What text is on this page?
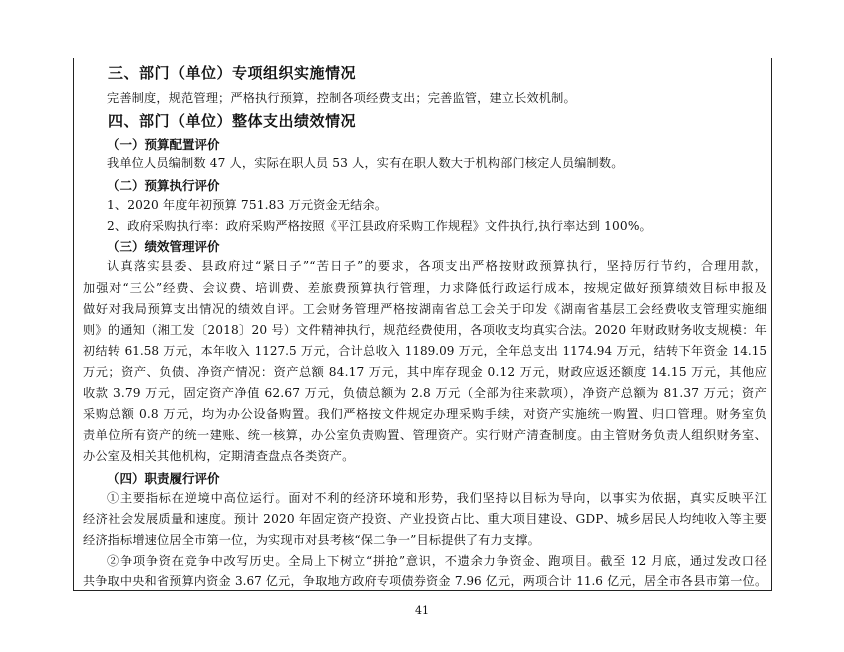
三、部门（单位）专项组织实施情况
完善制度，规范管理；严格执行预算，控制各项经费支出；完善监管，建立长效机制。
四、部门（单位）整体支出绩效情况
（一）预算配置评价
我单位人员编制数 47 人，实际在职人员 53 人，实有在职人数大于机构部门核定人员编制数。
（二）预算执行评价
1、2020 年度年初预算 751.83 万元资金无结余。
2、政府采购执行率：政府采购严格按照《平江县政府采购工作规程》文件执行,执行率达到 100%。
（三）绩效管理评价
认真落实县委、县政府过“紧日子”“苦日子”的要求，各项支出严格按财政预算执行，坚持厉行节约，合理用款，
加强对“三公”经费、会议费、培训费、差旅费预算执行管理，力求降低行政运行成本，按规定做好预算绩效目标申报及
做好对我局预算支出情况的绩效自评。工会财务管理严格按湖南省总工会关于印发《湖南省基层工会经费收支管理实施细
则》的通知（湘工发〔2018〕20 号）文件精神执行，规范经费使用，各项收支均真实合法。2020 年财政财务收支规模：年
初结转 61.58 万元，本年收入 1127.5 万元，合计总收入 1189.09 万元，全年总支出 1174.94 万元，结转下年资金 14.15
万元；资产、负债、净资产情况：资产总额 84.17 万元，其中库存现金 0.12 万元，财政应返还额度 14.15 万元，其他应
收款 3.79 万元，固定资产净值 62.67 万元，负债总额为 2.8 万元（全部为往来款项），净资产总额为 81.37 万元；资产
采购总额 0.8 万元，均为办公设备购置。我们严格按文件规定办理采购手续，对资产实施统一购置、归口管理。财务室负
责单位所有资产的统一建账、统一核算，办公室负责购置、管理资产。实行财产清查制度。由主管财务负责人组织财务室、
办公室及相关其他机构，定期清查盘点各类资产。
（四）职责履行评价
①主要指标在逆境中高位运行。面对不利的经济环境和形势，我们坚持以目标为导向，以事实为依据，真实反映平江
经济社会发展质量和速度。预计 2020 年固定资产投资、产业投资占比、重大项目建设、GDP、城乡居民人均纯收入等主要
经济指标增速位居全市第一位，为实现市对县考核“保二争一”目标提供了有力支撑。
②争项争资在竞争中改写历史。全局上下树立“拼抢”意识，不遗余力争资金、跑项目。截至 12 月底，通过发改口径
共争取中央和省预算内资金 3.67 亿元，争取地方政府专项债券资金 7.96 亿元，两项合计 11.6 亿元，居全市各县市第一位。
41
